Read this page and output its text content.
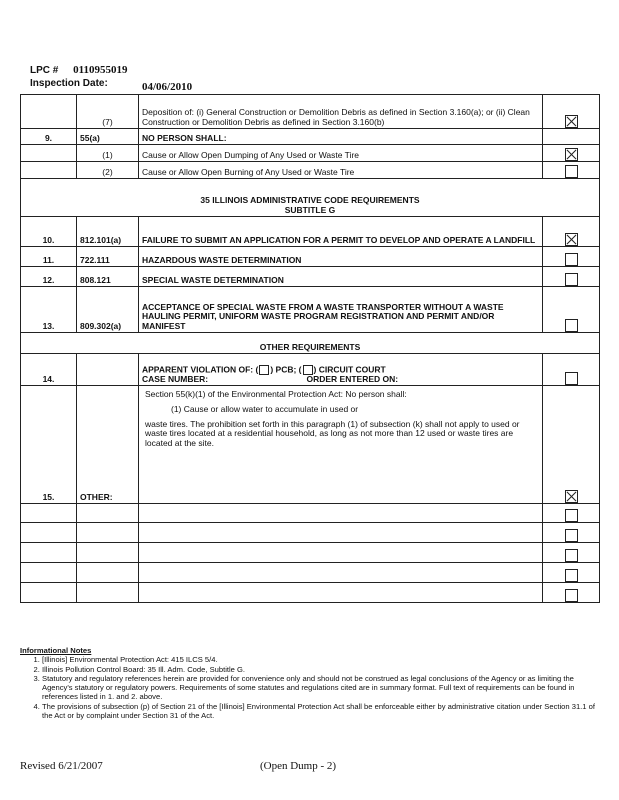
LPC # 0110955019
Inspection Date:	04/06/2010
	(7)	Deposition of: (i) General Construction or Demolition Debris as defined in Section 3.160(a); or (ii) Clean Construction or Demolition Debris as defined in Section 3.160(b)	
9.	55(a)	NO PERSON SHALL:	
	(1)	Cause or Allow Open Dumping of Any Used or Waste Tire	
	(2)	Cause or Allow Open Burning of Any Used or Waste Tire	

35 ILLINOIS ADMINISTRATIVE CODE REQUIREMENTS
SUBTITLE G			

10.	812.101(a)	FAILURE TO SUBMIT AN APPLICATION FOR A PERMIT TO DEVELOP AND OPERATE A LANDFILL	
11.	722.111	HAZARDOUS WASTE DETERMINATION	
12.	808.121	SPECIAL WASTE DETERMINATION	
13.	809.302(a)	ACCEPTANCE OF SPECIAL WASTE FROM A WASTE TRANSPORTER WITHOUT A WASTE HAULING PERMIT, UNIFORM WASTE PROGRAM REGISTRATION AND PERMIT AND/OR MANIFEST	
OTHER REQUIREMENTS			
14.		APPARENT VIOLATION OF: ( ) PCB; ( ) CIRCUIT COURT
CASE NUMBER: ORDER ENTERED ON:	

15.	OTHER:	Section 55(k)(1) of the Environmental Protection Act: No person shall:

(1) Cause or allow water to accumulate in used or

waste tires. The prohibition set forth in this paragraph (1) of subsection (k) shall not apply to used or waste tires located at a residential household, as long as not more than 12 used or waste tires are located at the site.	

Informational Notes
1. [Illinois] Environmental Protection Act: 415 ILCS 5/4.
2. Illinois Pollution Control Board: 35 Ill. Adm. Code, Subtitle G.
3. Statutory and regulatory references herein are provided for convenience only and should not be construed as legal conclusions of the Agency or as limiting the Agency's statutory or regulatory powers. Requirements of some statutes and regulations cited are in summary format. Full text of requirements can be found in references listed in 1. and 2. above.
4. The provisions of subsection (p) of Section 21 of the [Illinois] Environmental Protection Act shall be enforceable either by administrative citation under Section 31.1 of the Act or by complaint under Section 31 of the Act.
Revised 6/21/2007	(Open Dump - 2)
